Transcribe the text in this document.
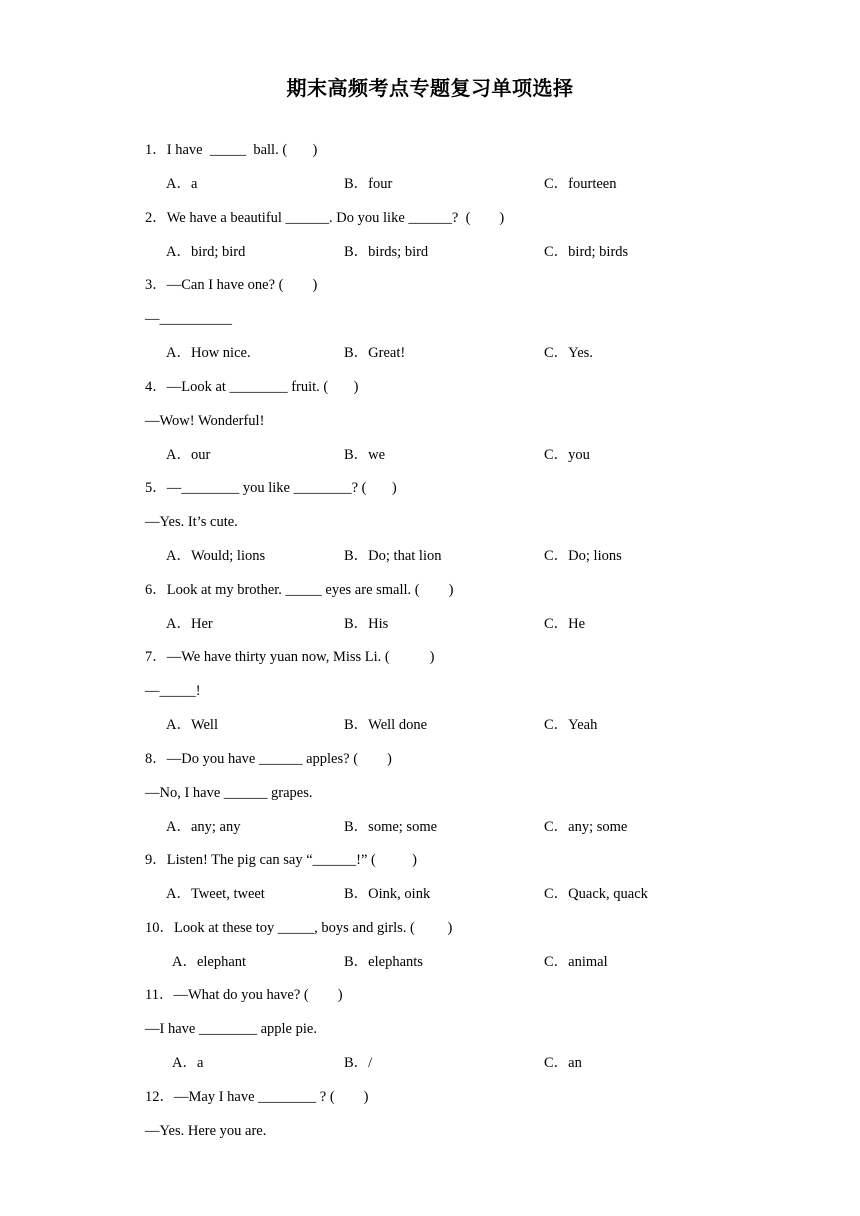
期末高频考点专题复习单项选择
1．I have  _____  ball. (       )
A．a	B．four	C．fourteen
2．We have a beautiful ______. Do you like ______?  (        )
A．bird; bird	B．birds; bird	C．bird; birds
3．—Can I have one? (        )
—__________
A．How nice.	B．Great!	C．Yes.
4．—Look at ________ fruit. (       )
—Wow! Wonderful!
A．our	B．we	C．you
5．—________ you like ________? (       )
—Yes. It’s cute.
A．Would; lions	B．Do; that lion	C．Do; lions
6．Look at my brother. _____ eyes are small. (        )
A．Her	B．His	C．He
7．—We have thirty yuan now, Miss Li. (           )
—_____!
A．Well	B．Well done	C．Yeah
8．—Do you have ______ apples? (        )
—No, I have ______ grapes.
A．any; any	B．some; some	C．any; some
9．Listen! The pig can say “______!” (          )
A．Tweet, tweet	B．Oink, oink	C．Quack, quack
10．Look at these toy _____, boys and girls. (         )
A．elephant	B．elephants	C．animal
11．—What do you have? (        )
—I have ________ apple pie.
A．a	B．/	C．an
12．—May I have ________ ? (        )
—Yes. Here you are.
